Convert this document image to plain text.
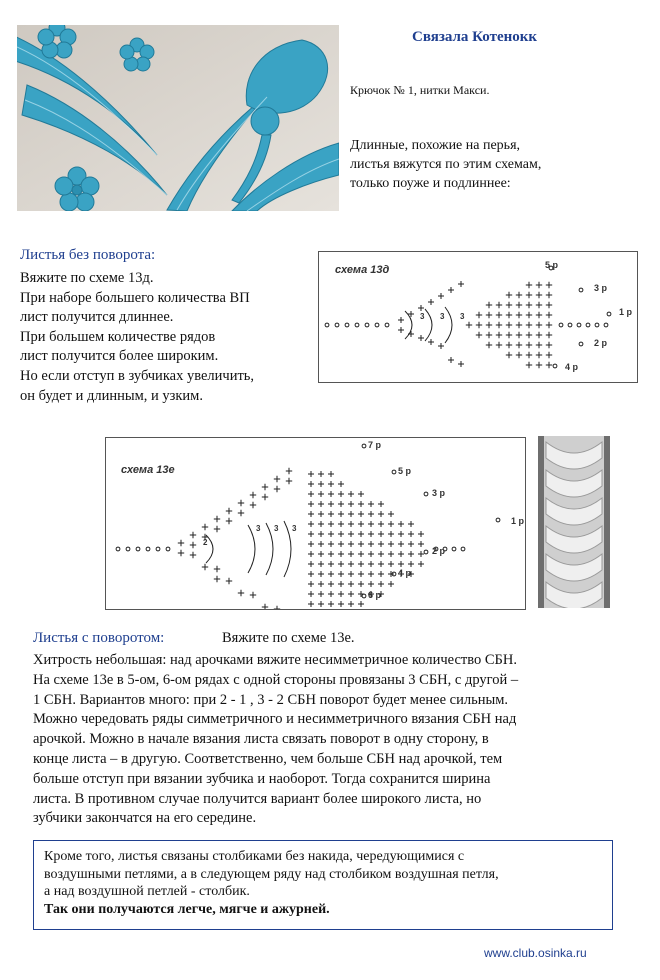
Связала Котенокк
Крючок № 1, нитки Макси.
Длинные, похожие на перья,
листья вяжутся по этим схемам,
только поуже и подлиннее:
Листья без поворота:
Вяжите по схеме 13д.
При наборе большего количества ВП
лист получится длиннее.
При большем количестве рядов
лист получится более широким.
Но если отступ в зубчиках увеличить,
он будет и длинным, и узким.
схема 13д	5 р
3 р
1 р
2 р
4 р
3 3 3
схема 13е
7 р
5 р
3 р
1 р
2 р
4 р
6 р
2
3 3 3
Листья с поворотом:	Вяжите по схеме 13е.
Хитрость небольшая: над арочками вяжите несимметричное количество СБН.
На схеме 13е в 5-ом, 6-ом рядах с одной стороны провязаны 3 СБН, с другой –
1 СБН. Вариантов много: при 2 - 1 , 3 - 2 СБН поворот будет менее сильным.
Можно чередовать ряды симметричного и несимметричного вязания СБН над
арочкой. Можно в начале вязания листа связать поворот в одну сторону, в
конце листа – в другую. Соответственно, чем больше СБН над арочкой, тем
больше отступ при вязании зубчика и наоборот. Тогда сохранится ширина
листа. В противном случае получится вариант более широкого листа, но
зубчики закончатся на его середине.
Кроме того, листья связаны столбиками без накида, чередующимися с
воздушными петлями, а в следующем ряду над столбиком воздушная петля,
а над воздушной петлей - столбик.
Так они получаются легче, мягче и ажурней.
www.club.osinka.ru
